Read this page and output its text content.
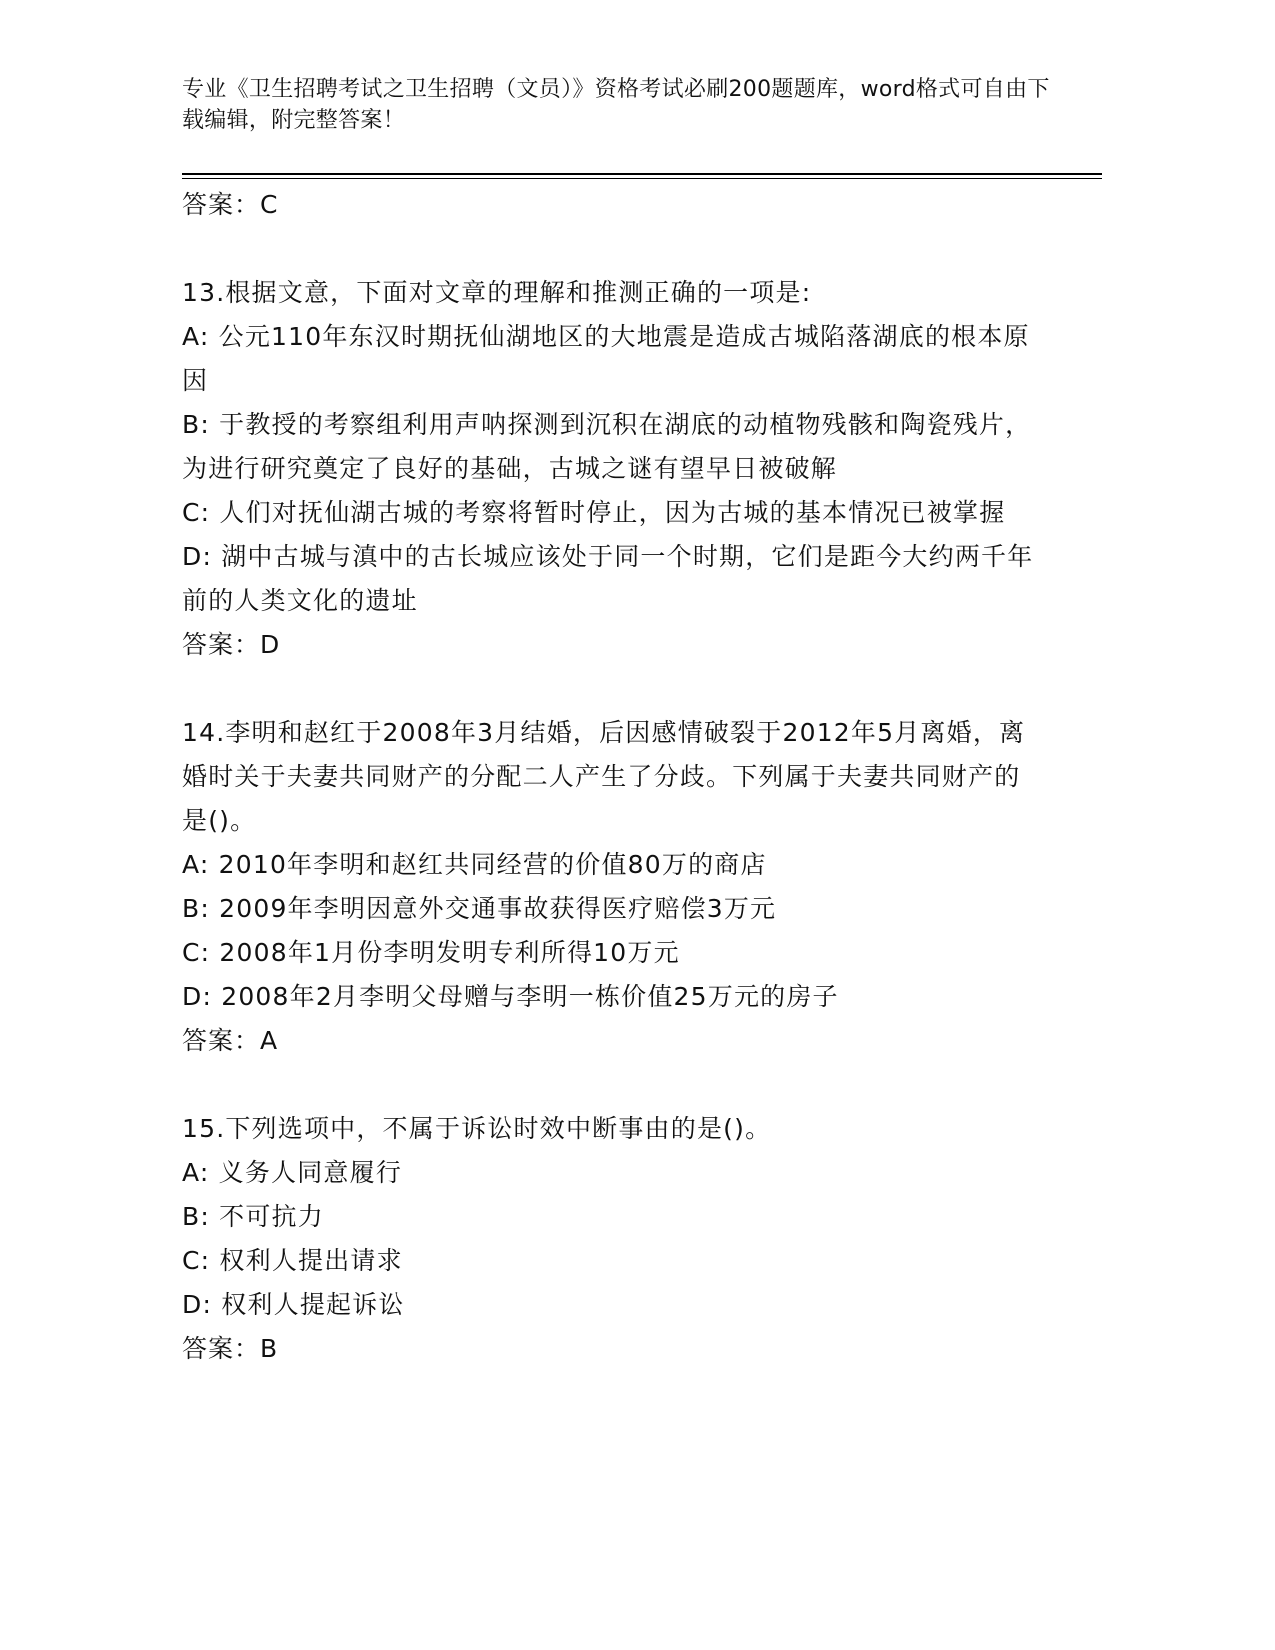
专业《卫生招聘考试之卫生招聘（文员）》资格考试必刷200题题库，word格式可自由下载编辑，附完整答案！
答案：C
13.根据文意，下面对文章的理解和推测正确的一项是:
A: 公元110年东汉时期抚仙湖地区的大地震是造成古城陷落湖底的根本原因
B: 于教授的考察组利用声呐探测到沉积在湖底的动植物残骸和陶瓷残片，为进行研究奠定了良好的基础，古城之谜有望早日被破解
C: 人们对抚仙湖古城的考察将暂时停止，因为古城的基本情况已被掌握
D: 湖中古城与滇中的古长城应该处于同一个时期，它们是距今大约两千年前的人类文化的遗址
答案：D
14.李明和赵红于2008年3月结婚，后因感情破裂于2012年5月离婚，离婚时关于夫妻共同财产的分配二人产生了分歧。下列属于夫妻共同财产的是()。
A: 2010年李明和赵红共同经营的价值80万的商店
B: 2009年李明因意外交通事故获得医疗赔偿3万元
C: 2008年1月份李明发明专利所得10万元
D: 2008年2月李明父母赠与李明一栋价值25万元的房子
答案：A
15.下列选项中，不属于诉讼时效中断事由的是()。
A: 义务人同意履行
B: 不可抗力
C: 权利人提出请求
D: 权利人提起诉讼
答案：B
